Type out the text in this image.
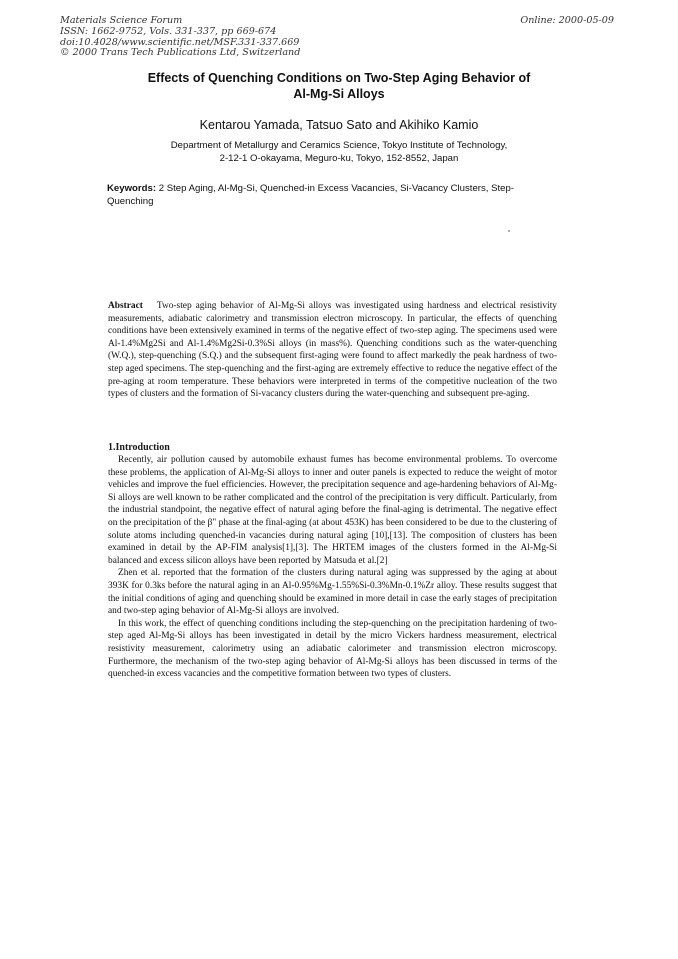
Materials Science Forum
ISSN: 1662-9752, Vols. 331-337, pp 669-674
doi:10.4028/www.scientific.net/MSF.331-337.669
© 2000 Trans Tech Publications Ltd, Switzerland
Online: 2000-05-09
Effects of Quenching Conditions on Two-Step Aging Behavior of
Al-Mg-Si Alloys
Kentarou Yamada, Tatsuo Sato and Akihiko Kamio
Department of Metallurgy and Ceramics Science, Tokyo Institute of Technology,
2-12-1 O-okayama, Meguro-ku, Tokyo, 152-8552, Japan
Keywords: 2 Step Aging, Al-Mg-Si, Quenched-in Excess Vacancies, Si-Vacancy Clusters, Step-Quenching
Abstract Two-step aging behavior of Al-Mg-Si alloys was investigated using hardness and electrical resistivity measurements, adiabatic calorimetry and transmission electron microscopy. In particular, the effects of quenching conditions have been extensively examined in terms of the negative effect of two-step aging. The specimens used were Al-1.4%Mg2Si and Al-1.4%Mg2Si-0.3%Si alloys (in mass%). Quenching conditions such as the water-quenching (W.Q.), step-quenching (S.Q.) and the subsequent first-aging were found to affect markedly the peak hardness of two-step aged specimens. The step-quenching and the first-aging are extremely effective to reduce the negative effect of the pre-aging at room temperature. These behaviors were interpreted in terms of the competitive nucleation of the two types of clusters and the formation of Si-vacancy clusters during the water-quenching and subsequent pre-aging.
1.Introduction

Recently, air pollution caused by automobile exhaust fumes has become environmental problems. To overcome these problems, the application of Al-Mg-Si alloys to inner and outer panels is expected to reduce the weight of motor vehicles and improve the fuel efficiencies. However, the precipitation sequence and age-hardening behaviors of Al-Mg-Si alloys are well known to be rather complicated and the control of the precipitation is very difficult. Particularly, from the industrial standpoint, the negative effect of natural aging before the final-aging is detrimental. The negative effect on the precipitation of the β" phase at the final-aging (at about 453K) has been considered to be due to the clustering of solute atoms including quenched-in vacancies during natural aging [10],[13]. The composition of clusters has been examined in detail by the AP-FIM analysis[1],[3]. The HRTEM images of the clusters formed in the Al-Mg-Si balanced and excess silicon alloys have been reported by Matsuda et al.[2]

Zhen et al. reported that the formation of the clusters during natural aging was suppressed by the aging at about 393K for 0.3ks before the natural aging in an Al-0.95%Mg-1.55%Si-0.3%Mn-0.1%Zr alloy. These results suggest that the initial conditions of aging and quenching should be examined in more detail in case the early stages of precipitation and two-step aging behavior of Al-Mg-Si alloys are involved.

In this work, the effect of quenching conditions including the step-quenching on the precipitation hardening of two-step aged Al-Mg-Si alloys has been investigated in detail by the micro Vickers hardness measurement, electrical resistivity measurement, calorimetry using an adiabatic calorimeter and transmission electron microscopy. Furthermore, the mechanism of the two-step aging behavior of Al-Mg-Si alloys has been discussed in terms of the quenched-in excess vacancies and the competitive formation between two types of clusters.
